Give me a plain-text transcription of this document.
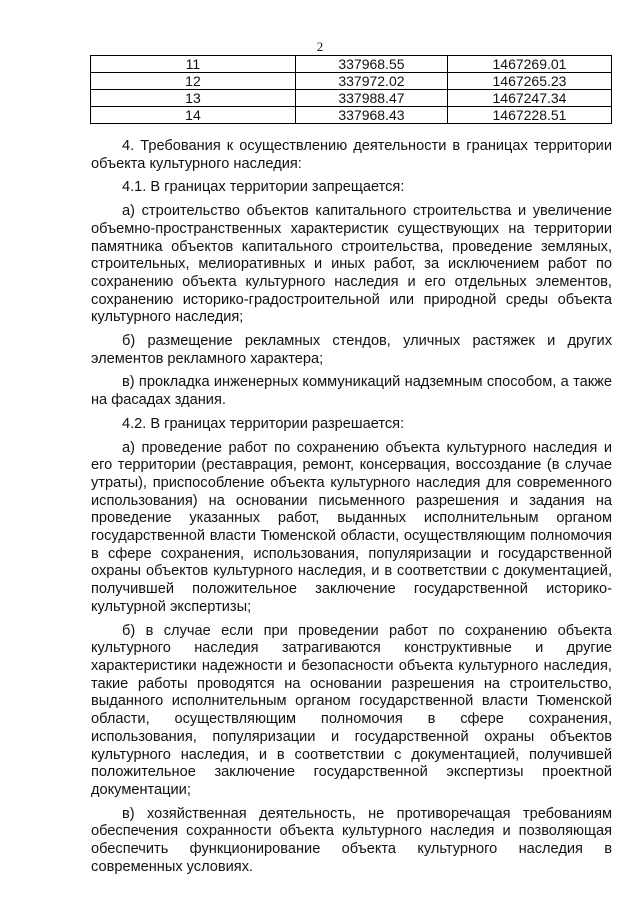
2
11	337968.55	1467269.01
12	337972.02	1467265.23
13	337988.47	1467247.34
14	337968.43	1467228.51

4. Требования к осуществлению деятельности в границах территории объекта культурного наследия:

4.1. В границах территории запрещается:

а) строительство объектов капитального строительства и увеличение объемно-пространственных характеристик существующих на территории памятника объектов капитального строительства, проведение земляных, строительных, мелиоративных и иных работ, за исключением работ по сохранению объекта культурного наследия и его отдельных элементов, сохранению историко-градостроительной или природной среды объекта культурного наследия;

б) размещение рекламных стендов, уличных растяжек и других элементов рекламного характера;

в) прокладка инженерных коммуникаций надземным способом, а также на фасадах здания.

4.2. В границах территории разрешается:

а) проведение работ по сохранению объекта культурного наследия и его территории (реставрация, ремонт, консервация, воссоздание (в случае утраты), приспособление объекта культурного наследия для современного использования) на основании письменного разрешения и задания на проведение указанных работ, выданных исполнительным органом государственной власти Тюменской области, осуществляющим полномочия в сфере сохранения, использования, популяризации и государственной охраны объектов культурного наследия, и в соответствии с документацией, получившей положительное заключение государственной историко-культурной экспертизы;

б) в случае если при проведении работ по сохранению объекта культурного наследия затрагиваются конструктивные и другие характеристики надежности и безопасности объекта культурного наследия, такие работы проводятся на основании разрешения на строительство, выданного исполнительным органом государственной власти Тюменской области, осуществляющим полномочия в сфере сохранения, использования, популяризации и государственной охраны объектов культурного наследия, и в соответствии с документацией, получившей положительное заключение государственной экспертизы проектной документации;

в) хозяйственная деятельность, не противоречащая требованиям обеспечения сохранности объекта культурного наследия и позволяющая обеспечить функционирование объекта культурного наследия в современных условиях.
